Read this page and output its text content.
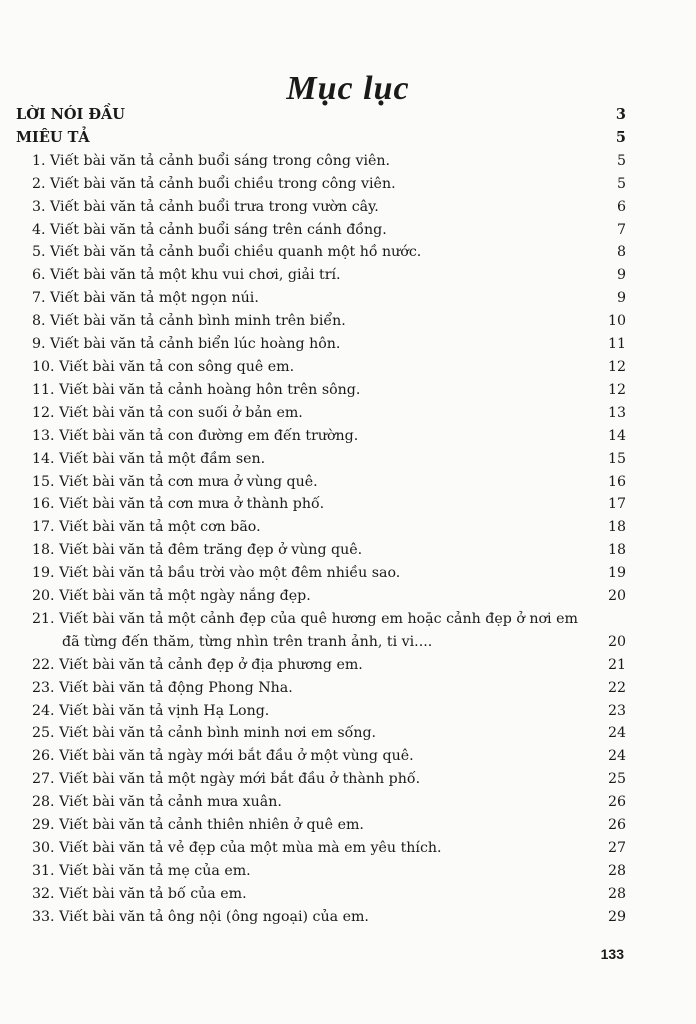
Mục lục
LỜI NÓI ĐẦU	3
MIÊU TẢ	5
1. Viết bài văn tả cảnh buổi sáng trong công viên.	5
2. Viết bài văn tả cảnh buổi chiều trong công viên.	5
3. Viết bài văn tả cảnh buổi trưa trong vườn cây.	6
4. Viết bài văn tả cảnh buổi sáng trên cánh đồng.	7
5. Viết bài văn tả cảnh buổi chiều quanh một hồ nước.	8
6. Viết bài văn tả một khu vui chơi, giải trí.	9
7. Viết bài văn tả một ngọn núi.	9
8. Viết bài văn tả cảnh bình minh trên biển.	10
9. Viết bài văn tả cảnh biển lúc hoàng hôn.	11
10. Viết bài văn tả con sông quê em.	12
11. Viết bài văn tả cảnh hoàng hôn trên sông.	12
12. Viết bài văn tả con suối ở bản em.	13
13. Viết bài văn tả con đường em đến trường.	14
14. Viết bài văn tả một đầm sen.	15
15. Viết bài văn tả cơn mưa ở vùng quê.	16
16. Viết bài văn tả cơn mưa ở thành phố.	17
17. Viết bài văn tả một cơn bão.	18
18. Viết bài văn tả đêm trăng đẹp ở vùng quê.	18
19. Viết bài văn tả bầu trời vào một đêm nhiều sao.	19
20. Viết bài văn tả một ngày nắng đẹp.	20
21. Viết bài văn tả một cảnh đẹp của quê hương em hoặc cảnh đẹp ở nơi em
đã từng đến thăm, từng nhìn trên tranh ảnh, ti vi....	20
22. Viết bài văn tả cảnh đẹp ở địa phương em.	21
23. Viết bài văn tả động Phong Nha.	22
24. Viết bài văn tả vịnh Hạ Long.	23
25. Viết bài văn tả cảnh bình minh nơi em sống.	24
26. Viết bài văn tả ngày mới bắt đầu ở một vùng quê.	24
27. Viết bài văn tả một ngày mới bắt đầu ở thành phố.	25
28. Viết bài văn tả cảnh mưa xuân.	26
29. Viết bài văn tả cảnh thiên nhiên ở quê em.	26
30. Viết bài văn tả vẻ đẹp của một mùa mà em yêu thích.	27
31. Viết bài văn tả mẹ của em.	28
32. Viết bài văn tả bố của em.	28
33. Viết bài văn tả ông nội (ông ngoại) của em.	29
133
